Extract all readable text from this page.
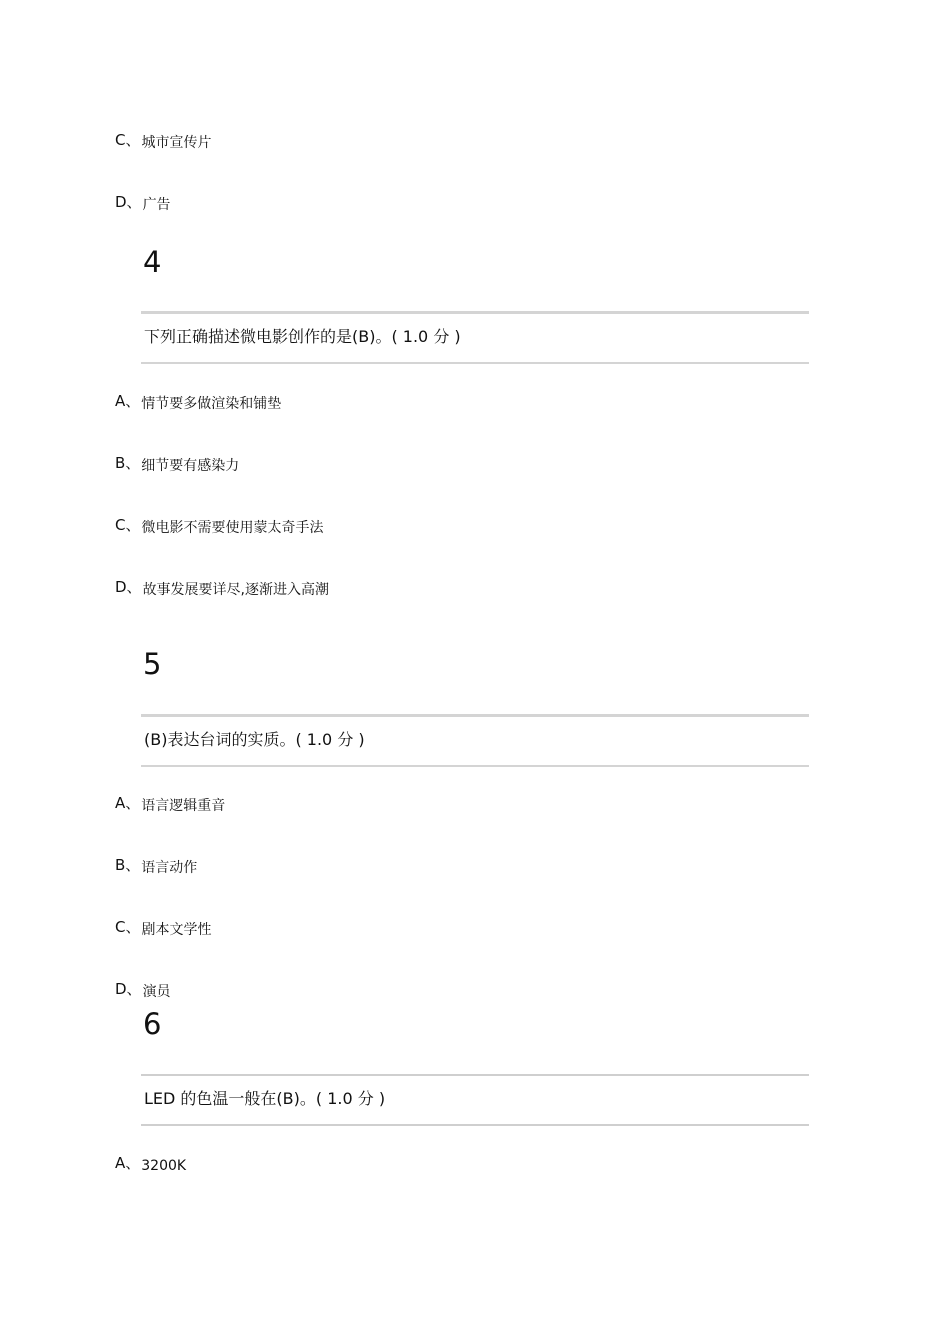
C、城市宣传片
D、广告
4
下列正确描述微电影创作的是(B)。( 1.0 分 )
A、情节要多做渲染和铺垫
B、细节要有感染力
C、微电影不需要使用蒙太奇手法
D、故事发展要详尽,逐渐进入高潮
5
(B)表达台词的实质。( 1.0 分 )
A、语言逻辑重音
B、语言动作
C、剧本文学性
D、演员
6
LED 的色温一般在(B)。( 1.0 分 )
A、3200K
